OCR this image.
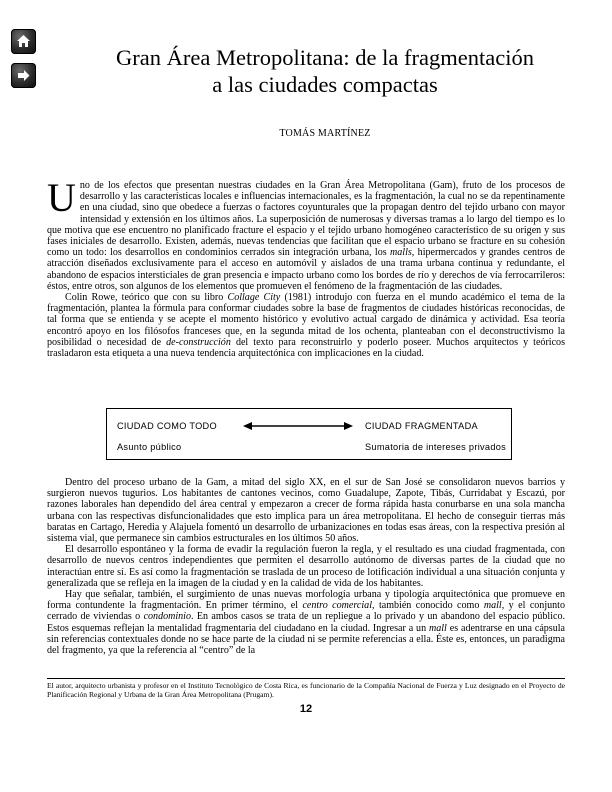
Gran Área Metropolitana: de la fragmentación
a las ciudades compactas
TOMÁS MARTÍNEZ

Uno de los efectos que presentan nuestras ciudades en la Gran Área Metropolitana (Gam), fruto de los procesos de desarrollo y las características locales e influencias internacionales, es la fragmentación, la cual no se da repentinamente en una ciudad, sino que obedece a fuerzas o factores coyunturales que la propagan dentro del tejido urbano con mayor intensidad y extensión en los últimos años. La superposición de numerosas y diversas tramas a lo largo del tiempo es lo que motiva que ese encuentro no planificado fracture el espacio y el tejido urbano homogéneo característico de su origen y sus fases iniciales de desarrollo. Existen, además, nuevas tendencias que facilitan que el espacio urbano se fracture en su cohesión como un todo: los desarrollos en condominios cerrados sin integración urbana, los malls, hipermercados y grandes centros de atracción diseñados exclusivamente para el acceso en automóvil y aislados de una trama urbana continua y redundante, el abandono de espacios intersticiales de gran presencia e impacto urbano como los bordes de río y derechos de vía ferrocarrileros: éstos, entre otros, son algunos de los elementos que promueven el fenómeno de la fragmentación de las ciudades.

Colin Rowe, teórico que con su libro Collage City (1981) introdujo con fuerza en el mundo académico el tema de la fragmentación, plantea la fórmula para conformar ciudades sobre la base de fragmentos de ciudades históricas reconocidas, de tal forma que se entienda y se acepte el momento histórico y evolutivo actual cargado de dinámica y actividad. Esa teoría encontró apoyo en los filósofos franceses que, en la segunda mitad de los ochenta, planteaban con el deconstructivismo la posibilidad o necesidad de de-construcción del texto para reconstruirlo y poderlo poseer. Muchos arquitectos y teóricos trasladaron esta etiqueta a una nueva tendencia arquitectónica con implicaciones en la ciudad.

CIUDAD COMO TODO
Asunto público
CIUDAD FRAGMENTADA
Sumatoria de intereses privados

Dentro del proceso urbano de la Gam, a mitad del siglo XX, en el sur de San José se consolidaron nuevos barrios y surgieron nuevos tugurios. Los habitantes de cantones vecinos, como Guadalupe, Zapote, Tibás, Curridabat y Escazú, por razones laborales han dependido del área central y empezaron a crecer de forma rápida hasta conurbarse en una sola mancha urbana con las respectivas disfuncionalidades que esto implica para un área metropolitana. El hecho de conseguir tierras más baratas en Cartago, Heredia y Alajuela fomentó un desarrollo de urbanizaciones en todas esas áreas, con la respectiva presión al sistema vial, que permanece sin cambios estructurales en los últimos 50 años.

El desarrollo espontáneo y la forma de evadir la regulación fueron la regla, y el resultado es una ciudad fragmentada, con desarrollo de nuevos centros independientes que permiten el desarrollo autónomo de diversas partes de la ciudad que no interactúan entre sí. Es así como la fragmentación se traslada de un proceso de lotificación individual a una situación conjunta y generalizada que se refleja en la imagen de la ciudad y en la calidad de vida de los habitantes.

Hay que señalar, también, el surgimiento de unas nuevas morfología urbana y tipología arquitectónica que promueve en forma contundente la fragmentación. En primer término, el centro comercial, también conocido como mall, y el conjunto cerrado de viviendas o condominio. En ambos casos se trata de un repliegue a lo privado y un abandono del espacio público. Estos esquemas reflejan la mentalidad fragmentaria del ciudadano en la ciudad. Ingresar a un mall es adentrarse en una cápsula sin referencias contextuales donde no se hace parte de la ciudad ni se permite referencias a ella. Éste es, entonces, un paradigma del fragmento, ya que la referencia al “centro” de la

El autor, arquitecto urbanista y profesor en el Instituto Tecnológico de Costa Rica, es funcionario de la Compañía Nacional de Fuerza y Luz designado en el Proyecto de Planificación Regional y Urbana de la Gran Área Metropolitana (Prugam).
12
